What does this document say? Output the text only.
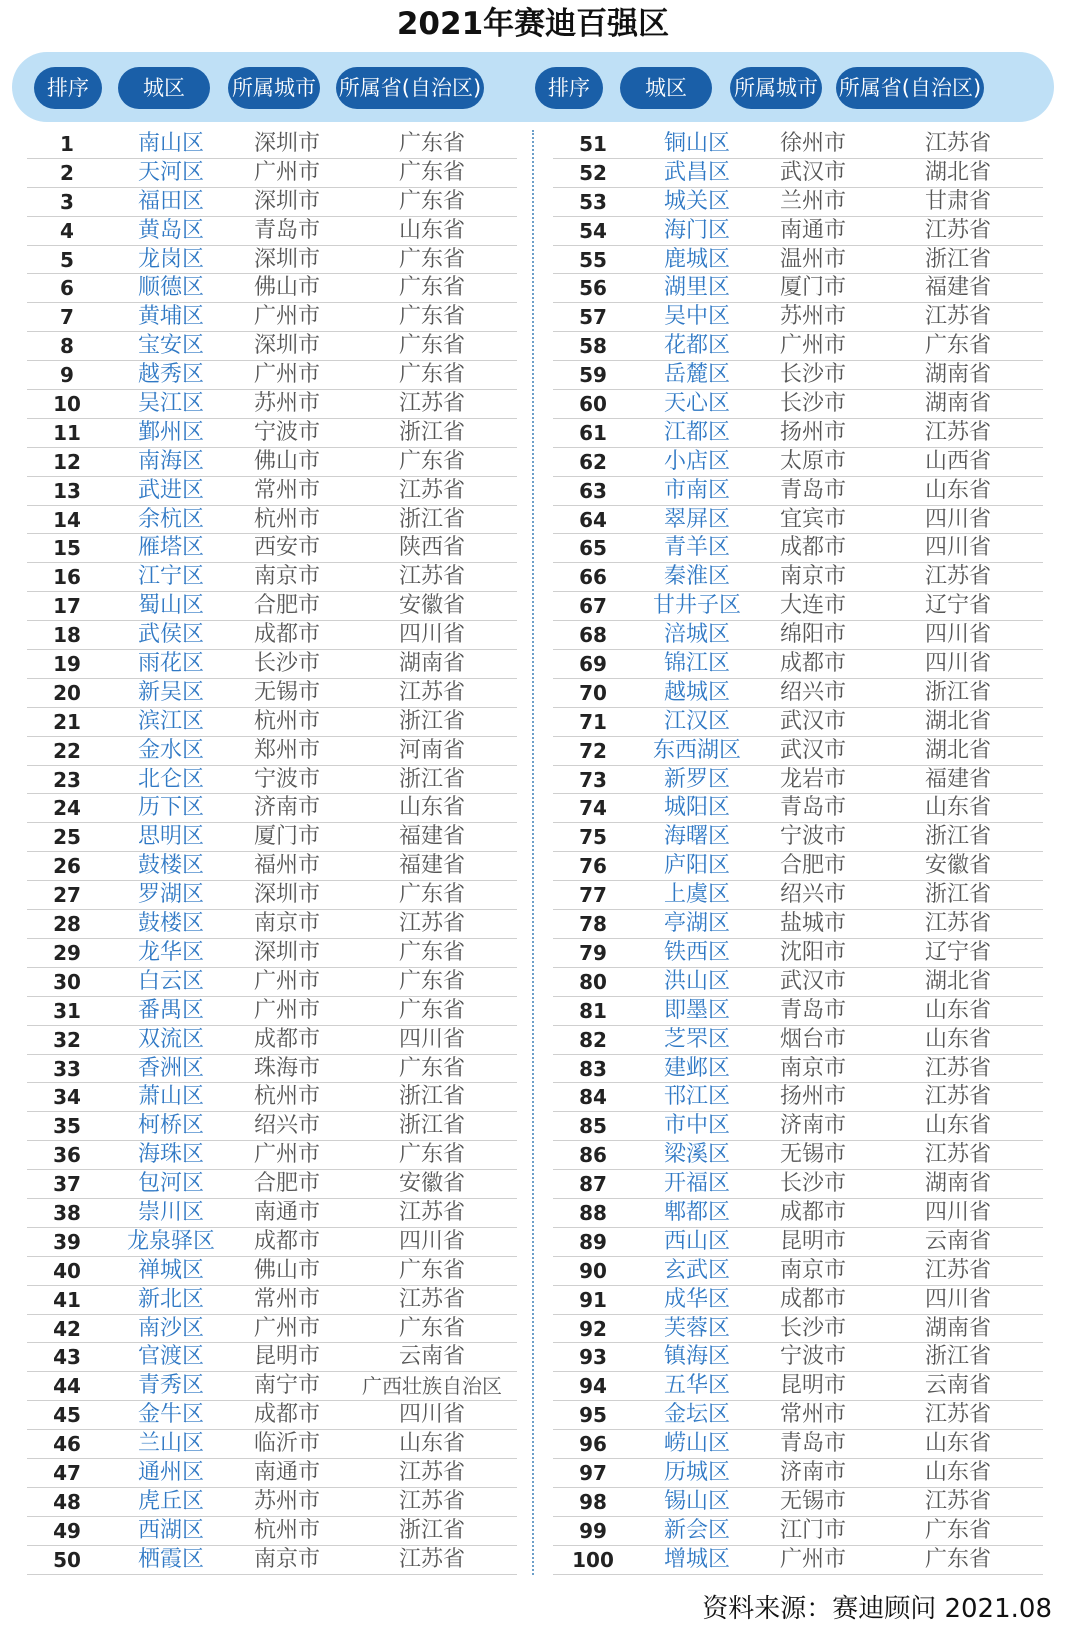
2021年赛迪百强区
排序	城区	所属城市 所属省(自治区)	排序	城区	所属城市 所属省(自治区)
1	南山区	深圳市	广东省
2	天河区	广州市	广东省
3	福田区	深圳市	广东省
4	黄岛区	青岛市	山东省
5	龙岗区	深圳市	广东省
6	顺德区	佛山市	广东省
7	黄埔区	广州市	广东省
8	宝安区	深圳市	广东省
9	越秀区	广州市	广东省
10	吴江区	苏州市	江苏省
11	鄞州区	宁波市	浙江省
12	南海区	佛山市	广东省
13	武进区	常州市	江苏省
14	余杭区	杭州市	浙江省
15	雁塔区	西安市	陕西省
16	江宁区	南京市	江苏省
17	蜀山区	合肥市	安徽省
18	武侯区	成都市	四川省
19	雨花区	长沙市	湖南省
20	新吴区	无锡市	江苏省
21	滨江区	杭州市	浙江省
22	金水区	郑州市	河南省
23	北仑区	宁波市	浙江省
24	历下区	济南市	山东省
25	思明区	厦门市	福建省
26	鼓楼区	福州市	福建省
27	罗湖区	深圳市	广东省
28	鼓楼区	南京市	江苏省
29	龙华区	深圳市	广东省
30	白云区	广州市	广东省
31	番禺区	广州市	广东省
32	双流区	成都市	四川省
33	香洲区	珠海市	广东省
34	萧山区	杭州市	浙江省
35	柯桥区	绍兴市	浙江省
36	海珠区	广州市	广东省
37	包河区	合肥市	安徽省
38	崇川区	南通市	江苏省
39	龙泉驿区	成都市	四川省
40	禅城区	佛山市	广东省
41	新北区	常州市	江苏省
42	南沙区	广州市	广东省
43	官渡区	昆明市	云南省
44	青秀区	南宁市	广西壮族自治区
45	金牛区	成都市	四川省
46	兰山区	临沂市	山东省
47	通州区	南通市	江苏省
48	虎丘区	苏州市	江苏省
49	西湖区	杭州市	浙江省
50	栖霞区	南京市	江苏省
51	铜山区	徐州市	江苏省
52	武昌区	武汉市	湖北省
53	城关区	兰州市	甘肃省
54	海门区	南通市	江苏省
55	鹿城区	温州市	浙江省
56	湖里区	厦门市	福建省
57	吴中区	苏州市	江苏省
58	花都区	广州市	广东省
59	岳麓区	长沙市	湖南省
60	天心区	长沙市	湖南省
61	江都区	扬州市	江苏省
62	小店区	太原市	山西省
63	市南区	青岛市	山东省
64	翠屏区	宜宾市	四川省
65	青羊区	成都市	四川省
66	秦淮区	南京市	江苏省
67	甘井子区	大连市	辽宁省
68	涪城区	绵阳市	四川省
69	锦江区	成都市	四川省
70	越城区	绍兴市	浙江省
71	江汉区	武汉市	湖北省
72	东西湖区	武汉市	湖北省
73	新罗区	龙岩市	福建省
74	城阳区	青岛市	山东省
75	海曙区	宁波市	浙江省
76	庐阳区	合肥市	安徽省
77	上虞区	绍兴市	浙江省
78	亭湖区	盐城市	江苏省
79	铁西区	沈阳市	辽宁省
80	洪山区	武汉市	湖北省
81	即墨区	青岛市	山东省
82	芝罘区	烟台市	山东省
83	建邺区	南京市	江苏省
84	邗江区	扬州市	江苏省
85	市中区	济南市	山东省
86	梁溪区	无锡市	江苏省
87	开福区	长沙市	湖南省
88	郫都区	成都市	四川省
89	西山区	昆明市	云南省
90	玄武区	南京市	江苏省
91	成华区	成都市	四川省
92	芙蓉区	长沙市	湖南省
93	镇海区	宁波市	浙江省
94	五华区	昆明市	云南省
95	金坛区	常州市	江苏省
96	崂山区	青岛市	山东省
97	历城区	济南市	山东省
98	锡山区	无锡市	江苏省
99	新会区	江门市	广东省
100	增城区	广州市	广东省
资料来源：赛迪顾问 2021.08
